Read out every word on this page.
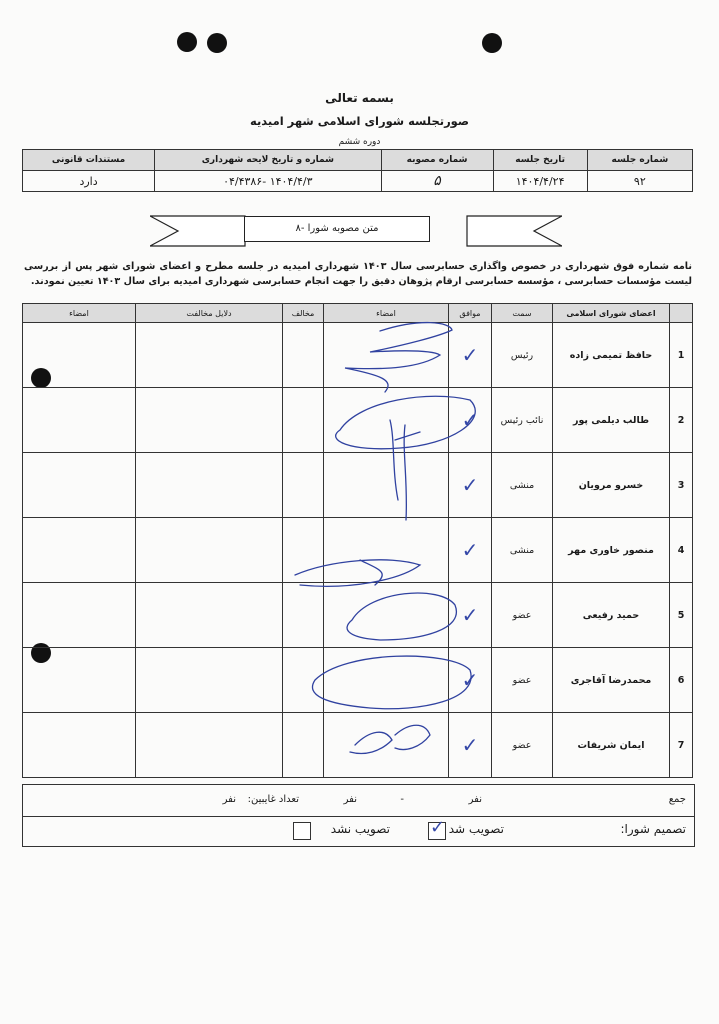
بسمه تعالی
صورتجلسه شورای اسلامی شهر امیدیه
دوره ششم
شماره جلسه	تاریخ جلسه	شماره مصوبه	شماره و تاریخ لایحه شهرداری	مستندات قانونی
۹۲	۱۴۰۴/۴/۲۴	۵	۱۴۰۴/۴/۳ -۰۴/۴۳۸۶	دارد
۸- متن مصوبه شورا
نامه شماره فوق شهرداری در خصوص واگذاری حسابرسی سال ۱۴۰۳ شهرداری امیدیه در جلسه مطرح و اعضای شورای شهر پس از بررسی لیست مؤسسات حسابرسی ، مؤسسه حسابرسی ارقام پژوهان دقیق را جهت انجام حسابرسی شهرداری امیدیه برای سال ۱۴۰۳ تعیین نمودند.
	اعضای شورای اسلامی	سمت	موافق	امضاء	مخالف	دلایل مخالفت	امضاء
1	حافظ تمیمی زاده	رئیس	✓				
2	طالب دیلمی پور	نائب رئیس	✓				
3	خسرو مرویان	منشی	✓				
4	منصور خاوری مهر	منشی	✓				
5	حمید رفیعی	عضو	✓				
6	محمدرضا آقاجری	عضو	✓				
7	ایمان شریفات	عضو	✓				
جمع
نفر
-
نفر
تعداد غایبین:
نفر
تصمیم شورا:
تصویب شد
✓
تصویب نشد
